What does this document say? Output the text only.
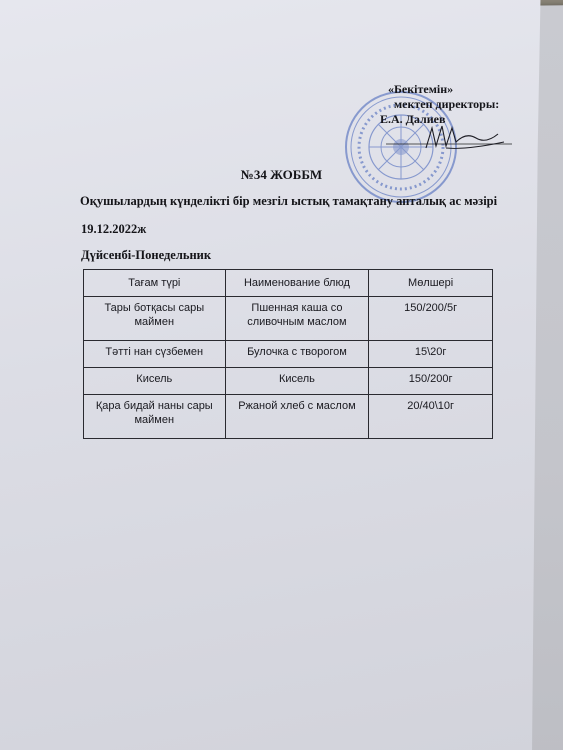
«Бекітемін»
мектеп директоры:
Е.А. Далиев
№34 ЖОББМ
Оқушылардың күнделікті бір мезгіл ыстық тамақтану апталық ас мәзірі
19.12.2022ж
Дүйсенбі-Понедельник
Тағам түрі	Наименование блюд	Мөлшері
Тары ботқасы сары маймен	Пшенная каша со сливочным маслом	150/200/5г
Тәтті нан сүзбемен	Булочка с творогом	15\20г
Кисель	Кисель	150/200г
Қара бидай наны сары маймен	Ржаной хлеб с маслом	20/40\10г
